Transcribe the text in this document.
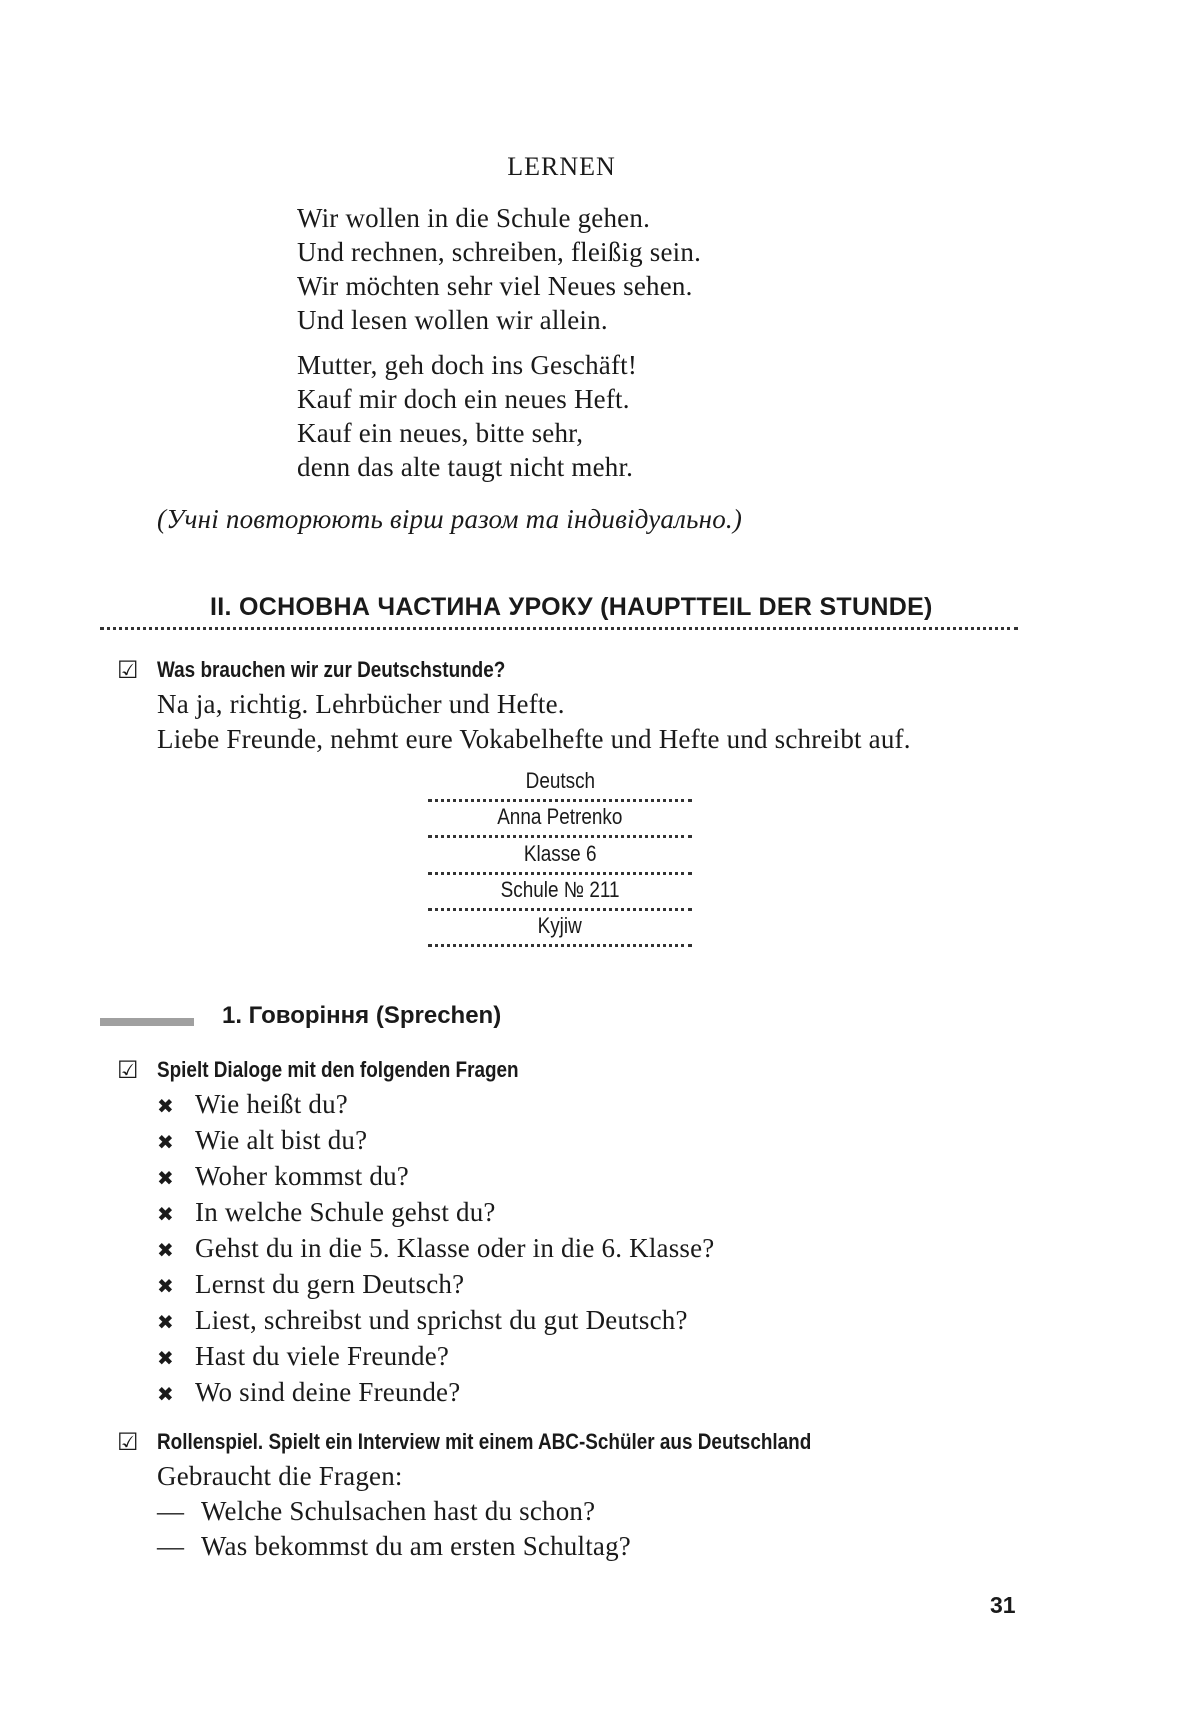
LERNEN
Wir wollen in die Schule gehen.
Und rechnen, schreiben, fleißig sein.
Wir möchten sehr viel Neues sehen.
Und lesen wollen wir allein.
Mutter, geh doch ins Geschäft!
Kauf mir doch ein neues Heft.
Kauf ein neues, bitte sehr,
denn das alte taugt nicht mehr.
(Учні повторюють вірш разом та індивідуально.)
II. ОСНОВНА ЧАСТИНА УРОКУ (HAUPTTEIL DER STUNDE)
☑ Was brauchen wir zur Deutschstunde?
Na ja, richtig. Lehrbücher und Hefte.
Liebe Freunde, nehmt eure Vokabelhefte und Hefte und schreibt auf.
Deutsch
Anna Petrenko
Klasse 6
Schule № 211
Kyjiw
1. Говоріння (Sprechen)
☑ Spielt Dialoge mit den folgenden Fragen
✖ Wie heißt du?
✖ Wie alt bist du?
✖ Woher kommst du?
✖ In welche Schule gehst du?
✖ Gehst du in die 5. Klasse oder in die 6. Klasse?
✖ Lernst du gern Deutsch?
✖ Liest, schreibst und sprichst du gut Deutsch?
✖ Hast du viele Freunde?
✖ Wo sind deine Freunde?
☑ Rollenspiel. Spielt ein Interview mit einem ABC-Schüler aus Deutschland
Gebraucht die Fragen:
— Welche Schulsachen hast du schon?
— Was bekommst du am ersten Schultag?
31
